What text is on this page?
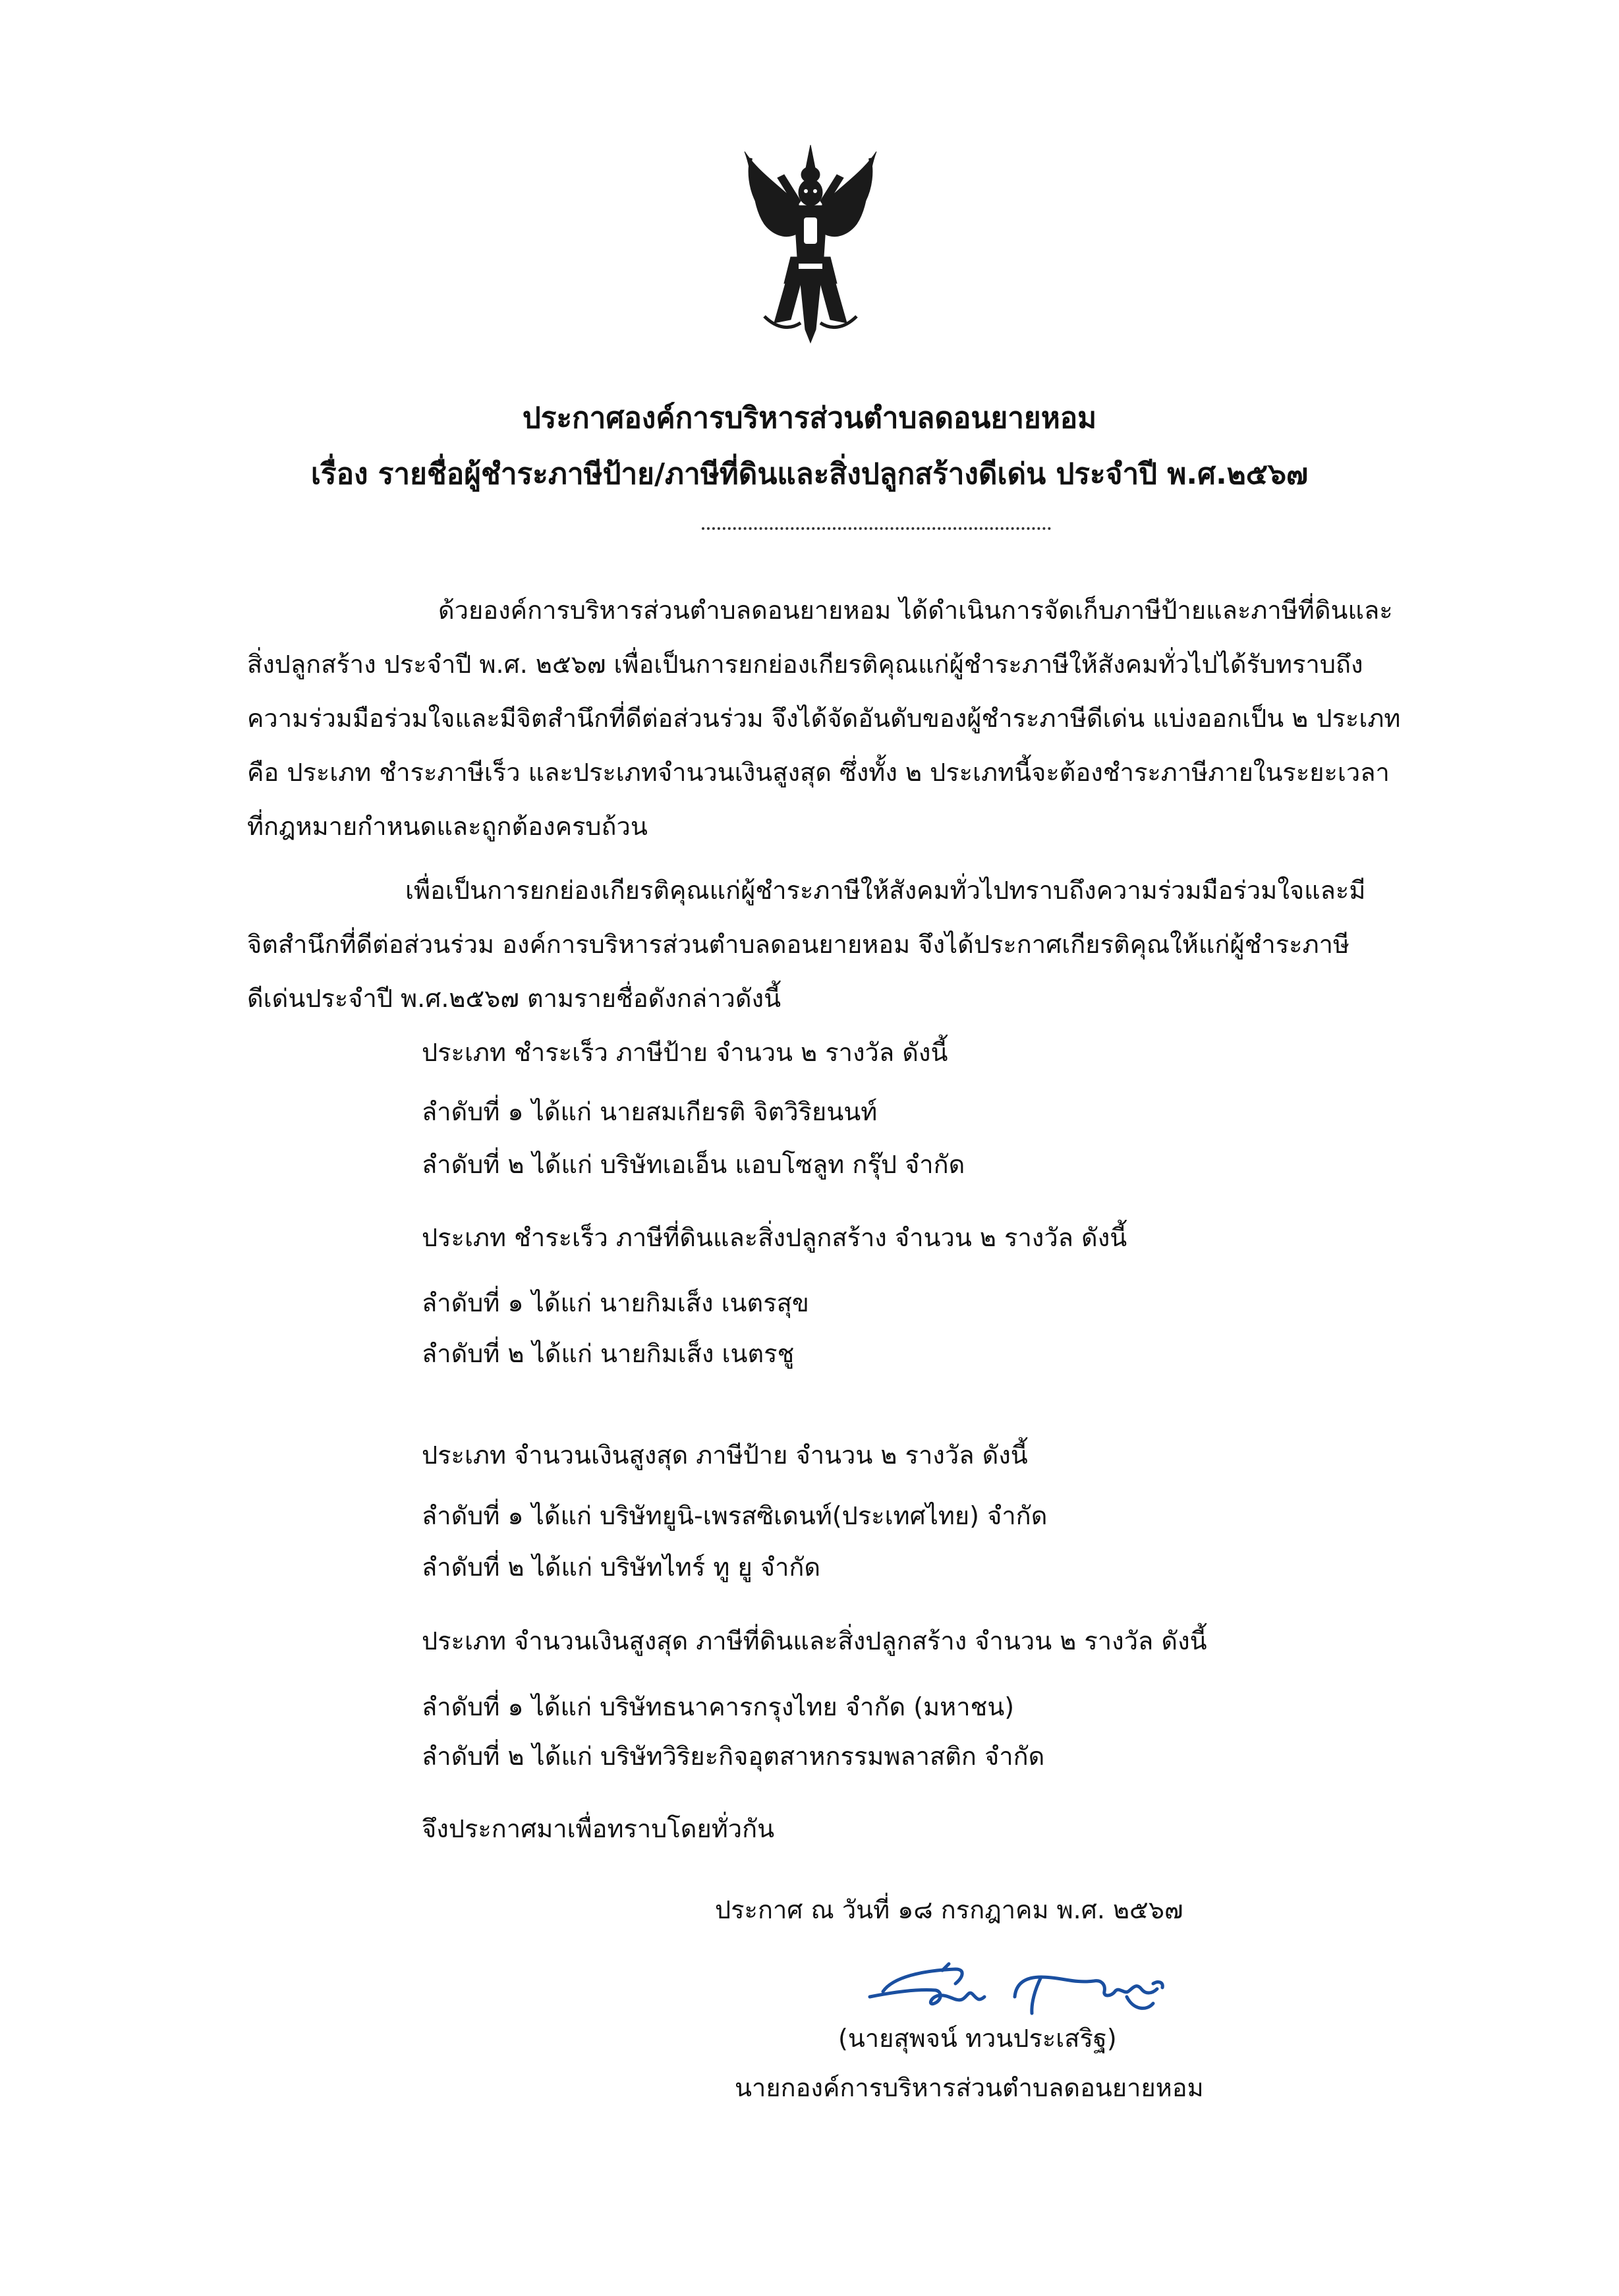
ประกาศองค์การบริหารส่วนตำบลดอนยายหอม
เรื่อง รายชื่อผู้ชำระภาษีป้าย/ภาษีที่ดินและสิ่งปลูกสร้างดีเด่น ประจำปี พ.ศ.๒๕๖๗
ด้วยองค์การบริหารส่วนตำบลดอนยายหอม ได้ดำเนินการจัดเก็บภาษีป้ายและภาษีที่ดินและ
สิ่งปลูกสร้าง ประจำปี พ.ศ. ๒๕๖๗ เพื่อเป็นการยกย่องเกียรติคุณแก่ผู้ชำระภาษีให้สังคมทั่วไปได้รับทราบถึง
ความร่วมมือร่วมใจและมีจิตสำนึกที่ดีต่อส่วนร่วม จึงได้จัดอันดับของผู้ชำระภาษีดีเด่น แบ่งออกเป็น ๒ ประเภท
คือ ประเภท ชำระภาษีเร็ว และประเภทจำนวนเงินสูงสุด ซึ่งทั้ง ๒ ประเภทนี้จะต้องชำระภาษีภายในระยะเวลา
ที่กฎหมายกำหนดและถูกต้องครบถ้วน
เพื่อเป็นการยกย่องเกียรติคุณแก่ผู้ชำระภาษีให้สังคมทั่วไปทราบถึงความร่วมมือร่วมใจและมี
จิตสำนึกที่ดีต่อส่วนร่วม องค์การบริหารส่วนตำบลดอนยายหอม จึงได้ประกาศเกียรติคุณให้แก่ผู้ชำระภาษี
ดีเด่นประจำปี พ.ศ.๒๕๖๗ ตามรายชื่อดังกล่าวดังนี้
ประเภท ชำระเร็ว ภาษีป้าย จำนวน ๒ รางวัล ดังนี้
ลำดับที่ ๑ ได้แก่ นายสมเกียรติ จิตวิริยนนท์
ลำดับที่ ๒ ได้แก่ บริษัทเอเอ็น แอบโซลูท กรุ๊ป จำกัด
ประเภท ชำระเร็ว ภาษีที่ดินและสิ่งปลูกสร้าง จำนวน ๒ รางวัล ดังนี้
ลำดับที่ ๑ ได้แก่ นายกิมเส็ง เนตรสุข
ลำดับที่ ๒ ได้แก่ นายกิมเส็ง เนตรชู
ประเภท จำนวนเงินสูงสุด ภาษีป้าย จำนวน ๒ รางวัล ดังนี้
ลำดับที่ ๑ ได้แก่ บริษัทยูนิ-เพรสซิเดนท์(ประเทศไทย) จำกัด
ลำดับที่ ๒ ได้แก่ บริษัทไทร์ ทู ยู จำกัด
ประเภท จำนวนเงินสูงสุด ภาษีที่ดินและสิ่งปลูกสร้าง จำนวน ๒ รางวัล ดังนี้
ลำดับที่ ๑ ได้แก่ บริษัทธนาคารกรุงไทย จำกัด (มหาชน)
ลำดับที่ ๒ ได้แก่ บริษัทวิริยะกิจอุตสาหกรรมพลาสติก จำกัด
จึงประกาศมาเพื่อทราบโดยทั่วกัน
ประกาศ ณ วันที่ ๑๘ กรกฎาคม พ.ศ. ๒๕๖๗
(นายสุพจน์ ทวนประเสริฐ)
นายกองค์การบริหารส่วนตำบลดอนยายหอม
